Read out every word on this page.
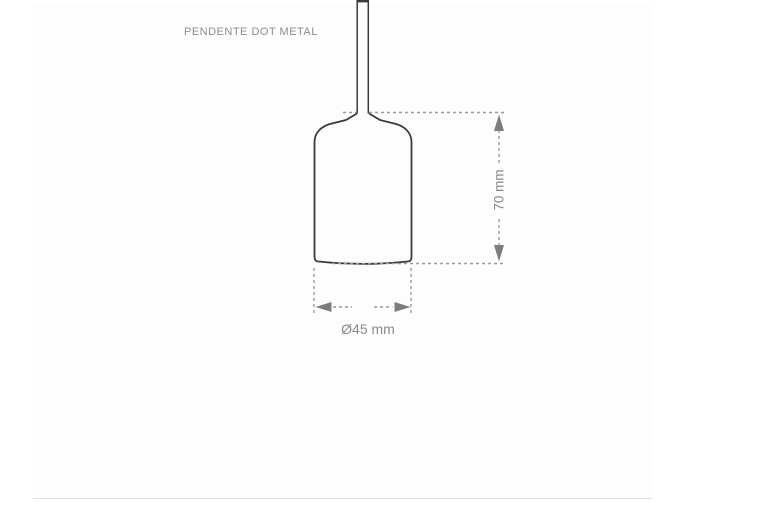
PENDENTE DOT METAL
70 mm
Ø45 mm
